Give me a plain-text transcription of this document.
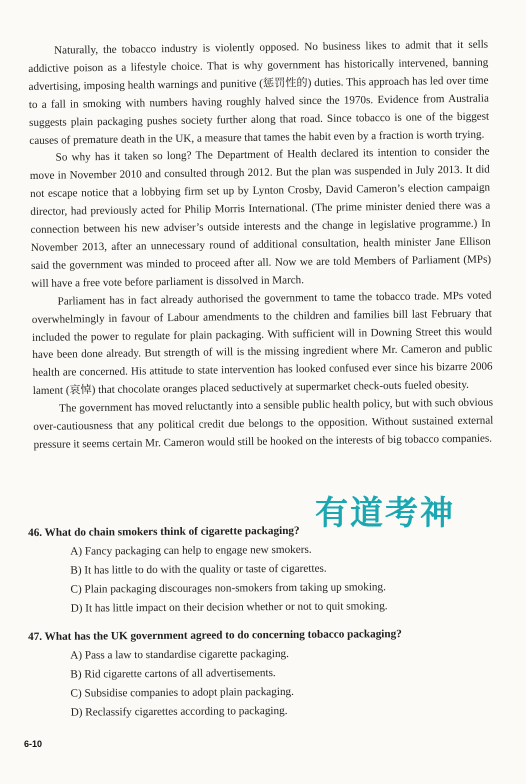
Naturally, the tobacco industry is violently opposed. No business likes to admit that it sells addictive poison as a lifestyle choice. That is why government has historically intervened, banning advertising, imposing health warnings and punitive (惩罚性的) duties. This approach has led over time to a fall in smoking with numbers having roughly halved since the 1970s. Evidence from Australia suggests plain packaging pushes society further along that road. Since tobacco is one of the biggest causes of premature death in the UK, a measure that tames the habit even by a fraction is worth trying.

So why has it taken so long? The Department of Health declared its intention to consider the move in November 2010 and consulted through 2012. But the plan was suspended in July 2013. It did not escape notice that a lobbying firm set up by Lynton Crosby, David Cameron’s election campaign director, had previously acted for Philip Morris International. (The prime minister denied there was a connection between his new adviser’s outside interests and the change in legislative programme.) In November 2013, after an unnecessary round of additional consultation, health minister Jane Ellison said the government was minded to proceed after all. Now we are told Members of Parliament (MPs) will have a free vote before parliament is dissolved in March.

Parliament has in fact already authorised the government to tame the tobacco trade. MPs voted overwhelmingly in favour of Labour amendments to the children and families bill last February that included the power to regulate for plain packaging. With sufficient will in Downing Street this would have been done already. But strength of will is the missing ingredient where Mr. Cameron and public health are concerned. His attitude to state intervention has looked confused ever since his bizarre 2006 lament (哀悼) that chocolate oranges placed seductively at supermarket check-outs fueled obesity.

The government has moved reluctantly into a sensible public health policy, but with such obvious over-cautiousness that any political credit due belongs to the opposition. Without sustained external pressure it seems certain Mr. Cameron would still be hooked on the interests of big tobacco companies.

有道考神

46. What do chain smokers think of cigarette packaging?

A) Fancy packaging can help to engage new smokers.

B) It has little to do with the quality or taste of cigarettes.

C) Plain packaging discourages non-smokers from taking up smoking.

D) It has little impact on their decision whether or not to quit smoking.

47. What has the UK government agreed to do concerning tobacco packaging?

A) Pass a law to standardise cigarette packaging.

B) Rid cigarette cartons of all advertisements.

C) Subsidise companies to adopt plain packaging.

D) Reclassify cigarettes according to packaging.

6-10
